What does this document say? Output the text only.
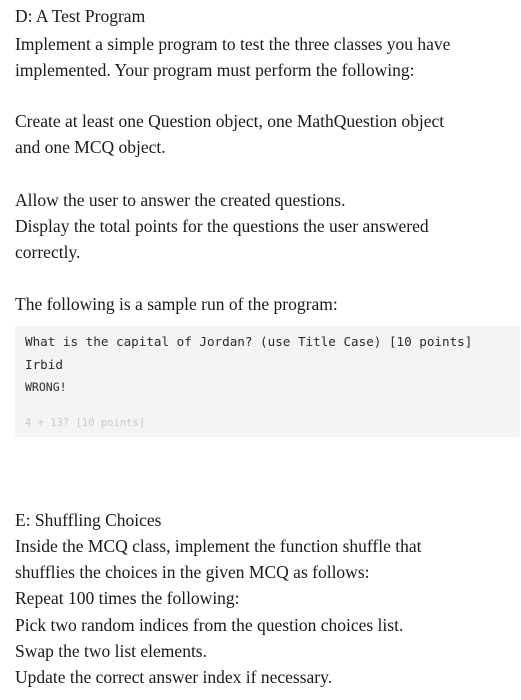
D: A Test Program
Implement a simple program to test the three classes you have
implemented. Your program must perform the following:
Create at least one Question object, one MathQuestion object
and one MCQ object.
Allow the user to answer the created questions.
Display the total points for the questions the user answered
correctly.
The following is a sample run of the program:
What is the capital of Jordan? (use Title Case) [10 points]
Irbid
WRONG!
4 + 13? [10 points]
E: Shuffling Choices
Inside the MCQ class, implement the function shuffle that
shufflies the choices in the given MCQ as follows:
Repeat 100 times the following:
Pick two random indices from the question choices list.
Swap the two list elements.
Update the correct answer index if necessary.
